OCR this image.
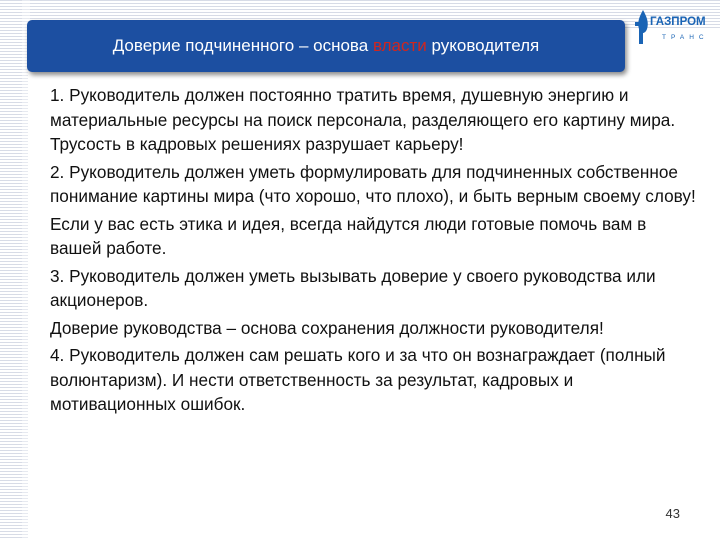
Доверие подчиненного – основа власти руководителя
ГАЗПРОМ
ТРАНС

1. Руководитель должен постоянно тратить время, душевную энергию и материальные ресурсы на поиск персонала, разделяющего его картину мира. Трусость в кадровых решениях разрушает карьеру!

2. Руководитель должен уметь формулировать для подчиненных собственное понимание картины мира (что хорошо, что плохо), и быть верным своему слову!

Если у вас есть этика и идея, всегда найдутся люди готовые помочь вам в вашей работе.

3. Руководитель должен уметь вызывать доверие у своего руководства или акционеров.

Доверие руководства – основа сохранения должности руководителя!

4. Руководитель должен сам решать кого и за что он вознаграждает (полный волюнтаризм). И нести ответственность за результат, кадровых и мотивационных ошибок.

43
